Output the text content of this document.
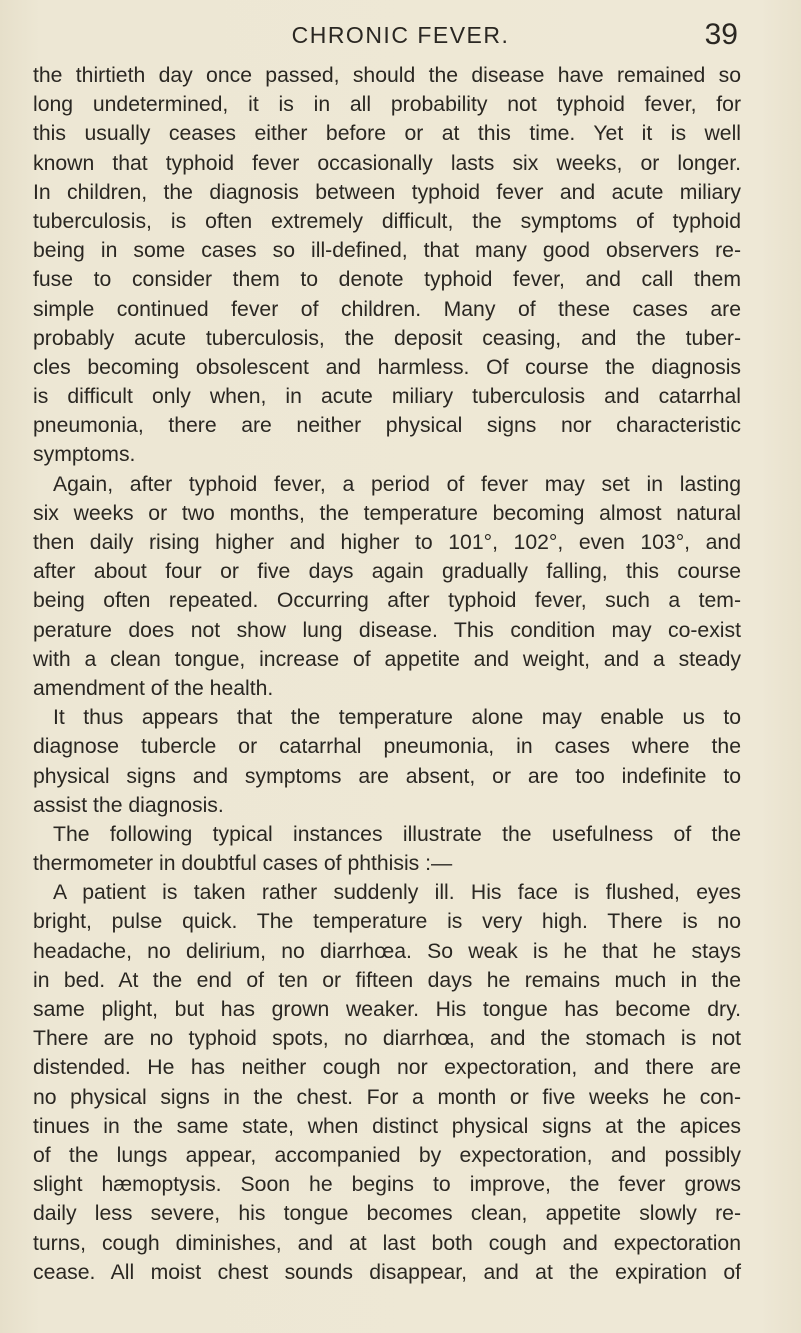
CHRONIC FEVER.	39
the thirtieth day once passed, should the disease have remained so
long undetermined, it is in all probability not typhoid fever, for
this usually ceases either before or at this time. Yet it is well
known that typhoid fever occasionally lasts six weeks, or longer.
In children, the diagnosis between typhoid fever and acute miliary
tuberculosis, is often extremely difficult, the symptoms of typhoid
being in some cases so ill-defined, that many good observers re-
fuse to consider them to denote typhoid fever, and call them
simple continued fever of children. Many of these cases are
probably acute tuberculosis, the deposit ceasing, and the tuber-
cles becoming obsolescent and harmless. Of course the diagnosis
is difficult only when, in acute miliary tuberculosis and catarrhal
pneumonia, there are neither physical signs nor characteristic
symptoms.
Again, after typhoid fever, a period of fever may set in lasting
six weeks or two months, the temperature becoming almost natural
then daily rising higher and higher to 101°, 102°, even 103°, and
after about four or five days again gradually falling, this course
being often repeated. Occurring after typhoid fever, such a tem-
perature does not show lung disease. This condition may co-exist
with a clean tongue, increase of appetite and weight, and a steady
amendment of the health.
It thus appears that the temperature alone may enable us to
diagnose tubercle or catarrhal pneumonia, in cases where the
physical signs and symptoms are absent, or are too indefinite to
assist the diagnosis.
The following typical instances illustrate the usefulness of the
thermometer in doubtful cases of phthisis :—
A patient is taken rather suddenly ill. His face is flushed, eyes
bright, pulse quick. The temperature is very high. There is no
headache, no delirium, no diarrhœa. So weak is he that he stays
in bed. At the end of ten or fifteen days he remains much in the
same plight, but has grown weaker. His tongue has become dry.
There are no typhoid spots, no diarrhœa, and the stomach is not
distended. He has neither cough nor expectoration, and there are
no physical signs in the chest. For a month or five weeks he con-
tinues in the same state, when distinct physical signs at the apices
of the lungs appear, accompanied by expectoration, and possibly
slight hæmoptysis. Soon he begins to improve, the fever grows
daily less severe, his tongue becomes clean, appetite slowly re-
turns, cough diminishes, and at last both cough and expectoration
cease. All moist chest sounds disappear, and at the expiration of
